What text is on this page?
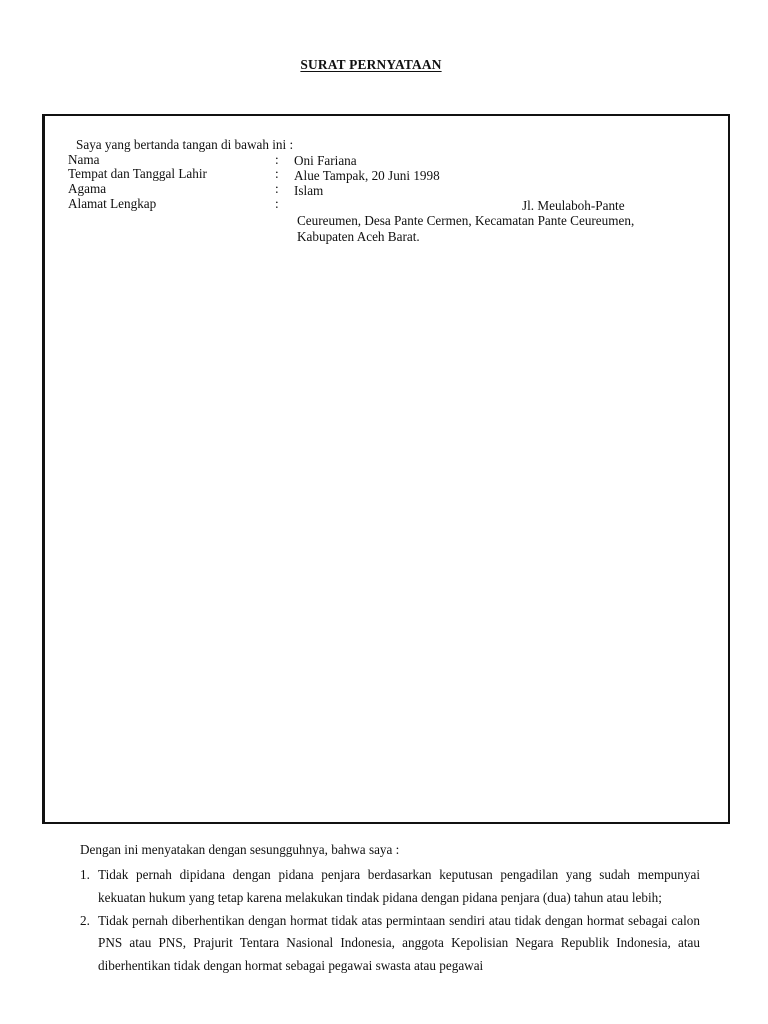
SURAT PERNYATAAN
Saya yang bertanda tangan di bawah ini :
Nama	: Oni Fariana
Tempat dan Tanggal Lahir	: Alue Tampak, 20 Juni 1998
Agama	: Islam
Alamat Lengkap	:	Jl. Meulaboh-Pante
Ceureumen, Desa Pante Cermen, Kecamatan Pante Ceureumen,
Kabupaten Aceh Barat.
Dengan ini menyatakan dengan sesungguhnya, bahwa saya :
1. Tidak pernah dipidana dengan pidana penjara berdasarkan keputusan pengadilan yang sudah mempunyai kekuatan hukum yang tetap karena melakukan tindak pidana dengan pidana penjara (dua) tahun atau lebih;
2. Tidak pernah diberhentikan dengan hormat tidak atas permintaan sendiri atau tidak dengan hormat sebagai calon PNS atau PNS, Prajurit Tentara Nasional Indonesia, anggota Kepolisian Negara Republik Indonesia, atau diberhentikan tidak dengan hormat sebagai pegawai swasta atau pegawai
